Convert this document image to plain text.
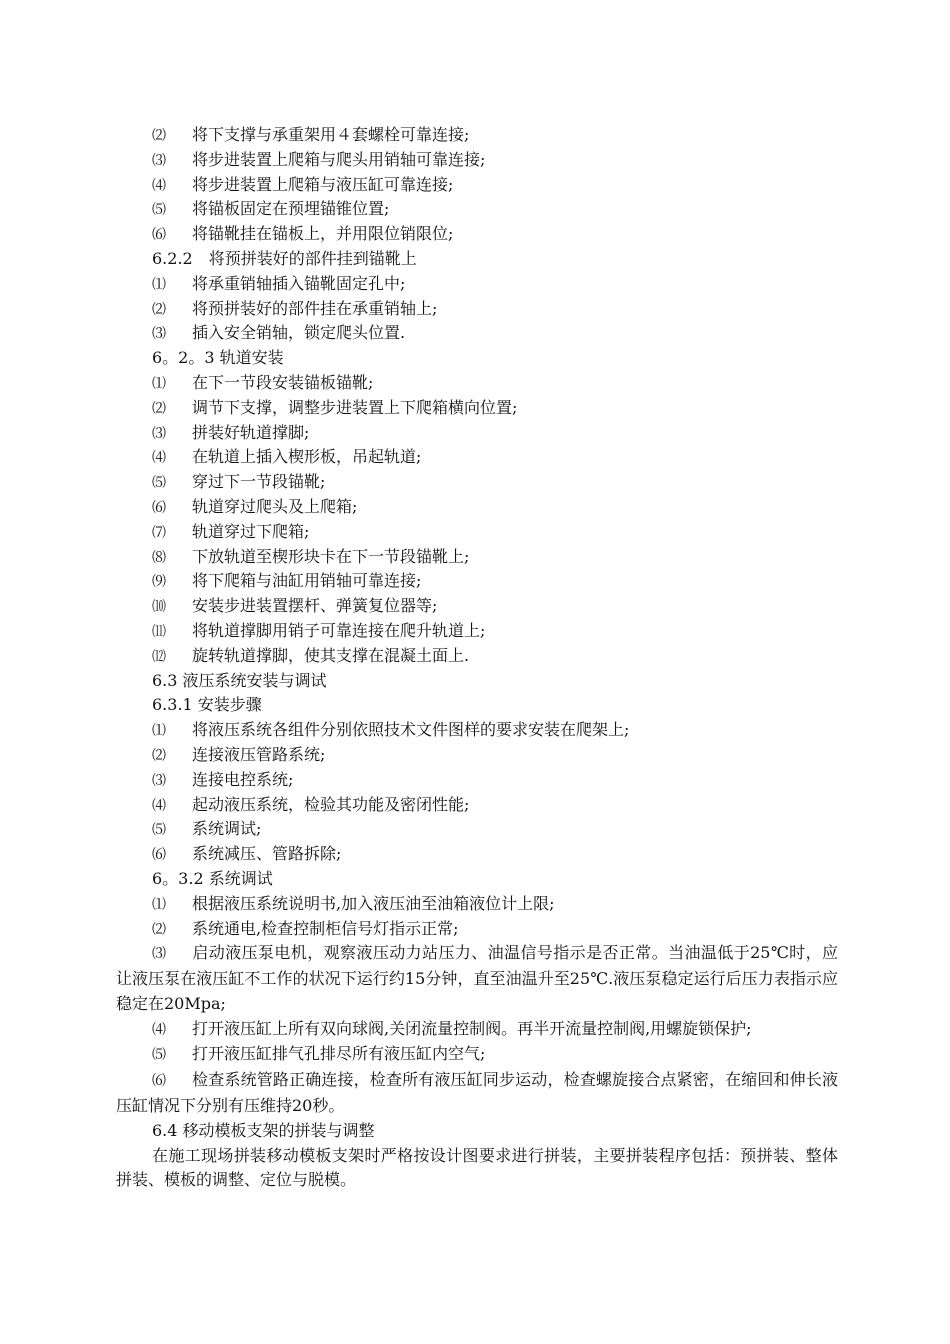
⑵ 将下支撑与承重架用４套螺栓可靠连接;
⑶ 将步进装置上爬箱与爬头用销轴可靠连接;
⑷ 将步进装置上爬箱与液压缸可靠连接;
⑸ 将锚板固定在预埋锚锥位置;
⑹ 将锚靴挂在锚板上，并用限位销限位;
6.2.2　将预拼装好的部件挂到锚靴上
⑴ 将承重销轴插入锚靴固定孔中;
⑵ 将预拼装好的部件挂在承重销轴上;
⑶ 插入安全销轴，锁定爬头位置.
6。2。3 轨道安装
⑴ 在下一节段安装锚板锚靴;
⑵ 调节下支撑，调整步进装置上下爬箱横向位置;
⑶ 拼装好轨道撑脚;
⑷ 在轨道上插入楔形板，吊起轨道;
⑸ 穿过下一节段锚靴;
⑹ 轨道穿过爬头及上爬箱;
⑺ 轨道穿过下爬箱;
⑻ 下放轨道至楔形块卡在下一节段锚靴上;
⑼ 将下爬箱与油缸用销轴可靠连接;
⑽ 安装步进装置摆杆、弹簧复位器等;
⑾ 将轨道撑脚用销子可靠连接在爬升轨道上;
⑿ 旋转轨道撑脚，使其支撑在混凝土面上.
6.3 液压系统安装与调试
6.3.1 安装步骤
⑴ 将液压系统各组件分别依照技术文件图样的要求安装在爬架上;
⑵ 连接液压管路系统;
⑶ 连接电控系统;
⑷ 起动液压系统，检验其功能及密闭性能;
⑸ 系统调试;
⑹ 系统减压、管路拆除;
6。3.2 系统调试
⑴ 根据液压系统说明书,加入液压油至油箱液位计上限;
⑵ 系统通电,检查控制柜信号灯指示正常;
⑶ 启动液压泵电机，观察液压动力站压力、油温信号指示是否正常。当油温低于25℃时，应让液压泵在液压缸不工作的状况下运行约15分钟，直至油温升至25℃.液压泵稳定运行后压力表指示应稳定在20Mpa;
⑷ 打开液压缸上所有双向球阀,关闭流量控制阀。再半开流量控制阀,用螺旋锁保护;
⑸ 打开液压缸排气孔排尽所有液压缸内空气;
⑹ 检查系统管路正确连接，检查所有液压缸同步运动，检查螺旋接合点紧密，在缩回和伸长液压缸情况下分别有压维持20秒。
6.4 移动模板支架的拼装与调整
在施工现场拼装移动模板支架时严格按设计图要求进行拼装，主要拼装程序包括：预拼装、整体拼装、模板的调整、定位与脱模。
